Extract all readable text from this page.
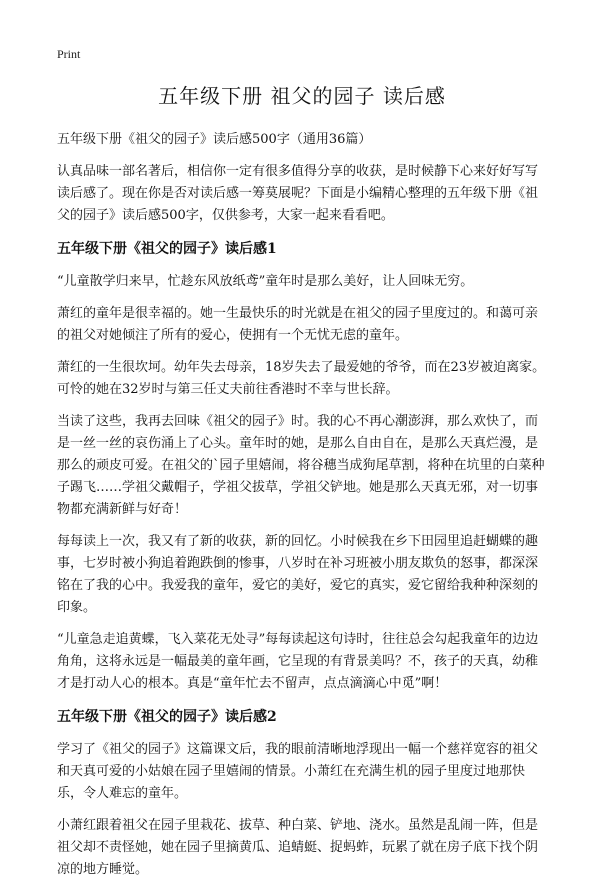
Print
五年级下册 祖父的园子 读后感
五年级下册《祖父的园子》读后感500字（通用36篇）

认真品味一部名著后，相信你一定有很多值得分享的收获，是时候静下心来好好写写读后感了。现在你是否对读后感一筹莫展呢？下面是小编精心整理的五年级下册《祖父的园子》读后感500字，仅供参考，大家一起来看看吧。

五年级下册《祖父的园子》读后感1

“儿童散学归来早，忙趁东风放纸鸢”童年时是那么美好，让人回味无穷。

萧红的童年是很幸福的。她一生最快乐的时光就是在祖父的园子里度过的。和蔼可亲的祖父对她倾注了所有的爱心，使拥有一个无忧无虑的童年。

萧红的一生很坎坷。幼年失去母亲，18岁失去了最爱她的爷爷，而在23岁被迫离家。可怜的她在32岁时与第三任丈夫前往香港时不幸与世长辞。

当读了这些，我再去回味《祖父的园子》时。我的心不再心潮澎湃，那么欢快了，而是一丝一丝的哀伤涌上了心头。童年时的她，是那么自由自在，是那么天真烂漫，是那么的顽皮可爱。在祖父的`园子里嬉闹，将谷穗当成狗尾草割，将种在坑里的白菜种子踢飞……学祖父戴帽子，学祖父拔草，学祖父铲地。她是那么天真无邪，对一切事物都充满新鲜与好奇！

每每读上一次，我又有了新的收获，新的回忆。小时候我在乡下田园里追赶蝴蝶的趣事，七岁时被小狗追着跑跌倒的惨事，八岁时在补习班被小朋友欺负的怒事，都深深铭在了我的心中。我爱我的童年，爱它的美好，爱它的真实，爱它留给我种种深刻的印象。

“儿童急走追黄蝶，飞入菜花无处寻”每每读起这句诗时，往往总会勾起我童年的边边角角，这将永远是一幅最美的童年画，它呈现的有背景美吗？不，孩子的天真，幼稚才是打动人心的根本。真是“童年忙去不留声，点点滴滴心中觅”啊！

五年级下册《祖父的园子》读后感2

学习了《祖父的园子》这篇课文后，我的眼前清晰地浮现出一幅一个慈祥宽容的祖父和天真可爱的小姑娘在园子里嬉闹的情景。小萧红在充满生机的园子里度过地那快乐，令人难忘的童年。

小萧红跟着祖父在园子里栽花、拔草、种白菜、铲地、浇水。虽然是乱闹一阵，但是祖父却不责怪她，她在园子里摘黄瓜、追蜻蜓、捉蚂蚱，玩累了就在房子底下找个阴凉的地方睡觉。
